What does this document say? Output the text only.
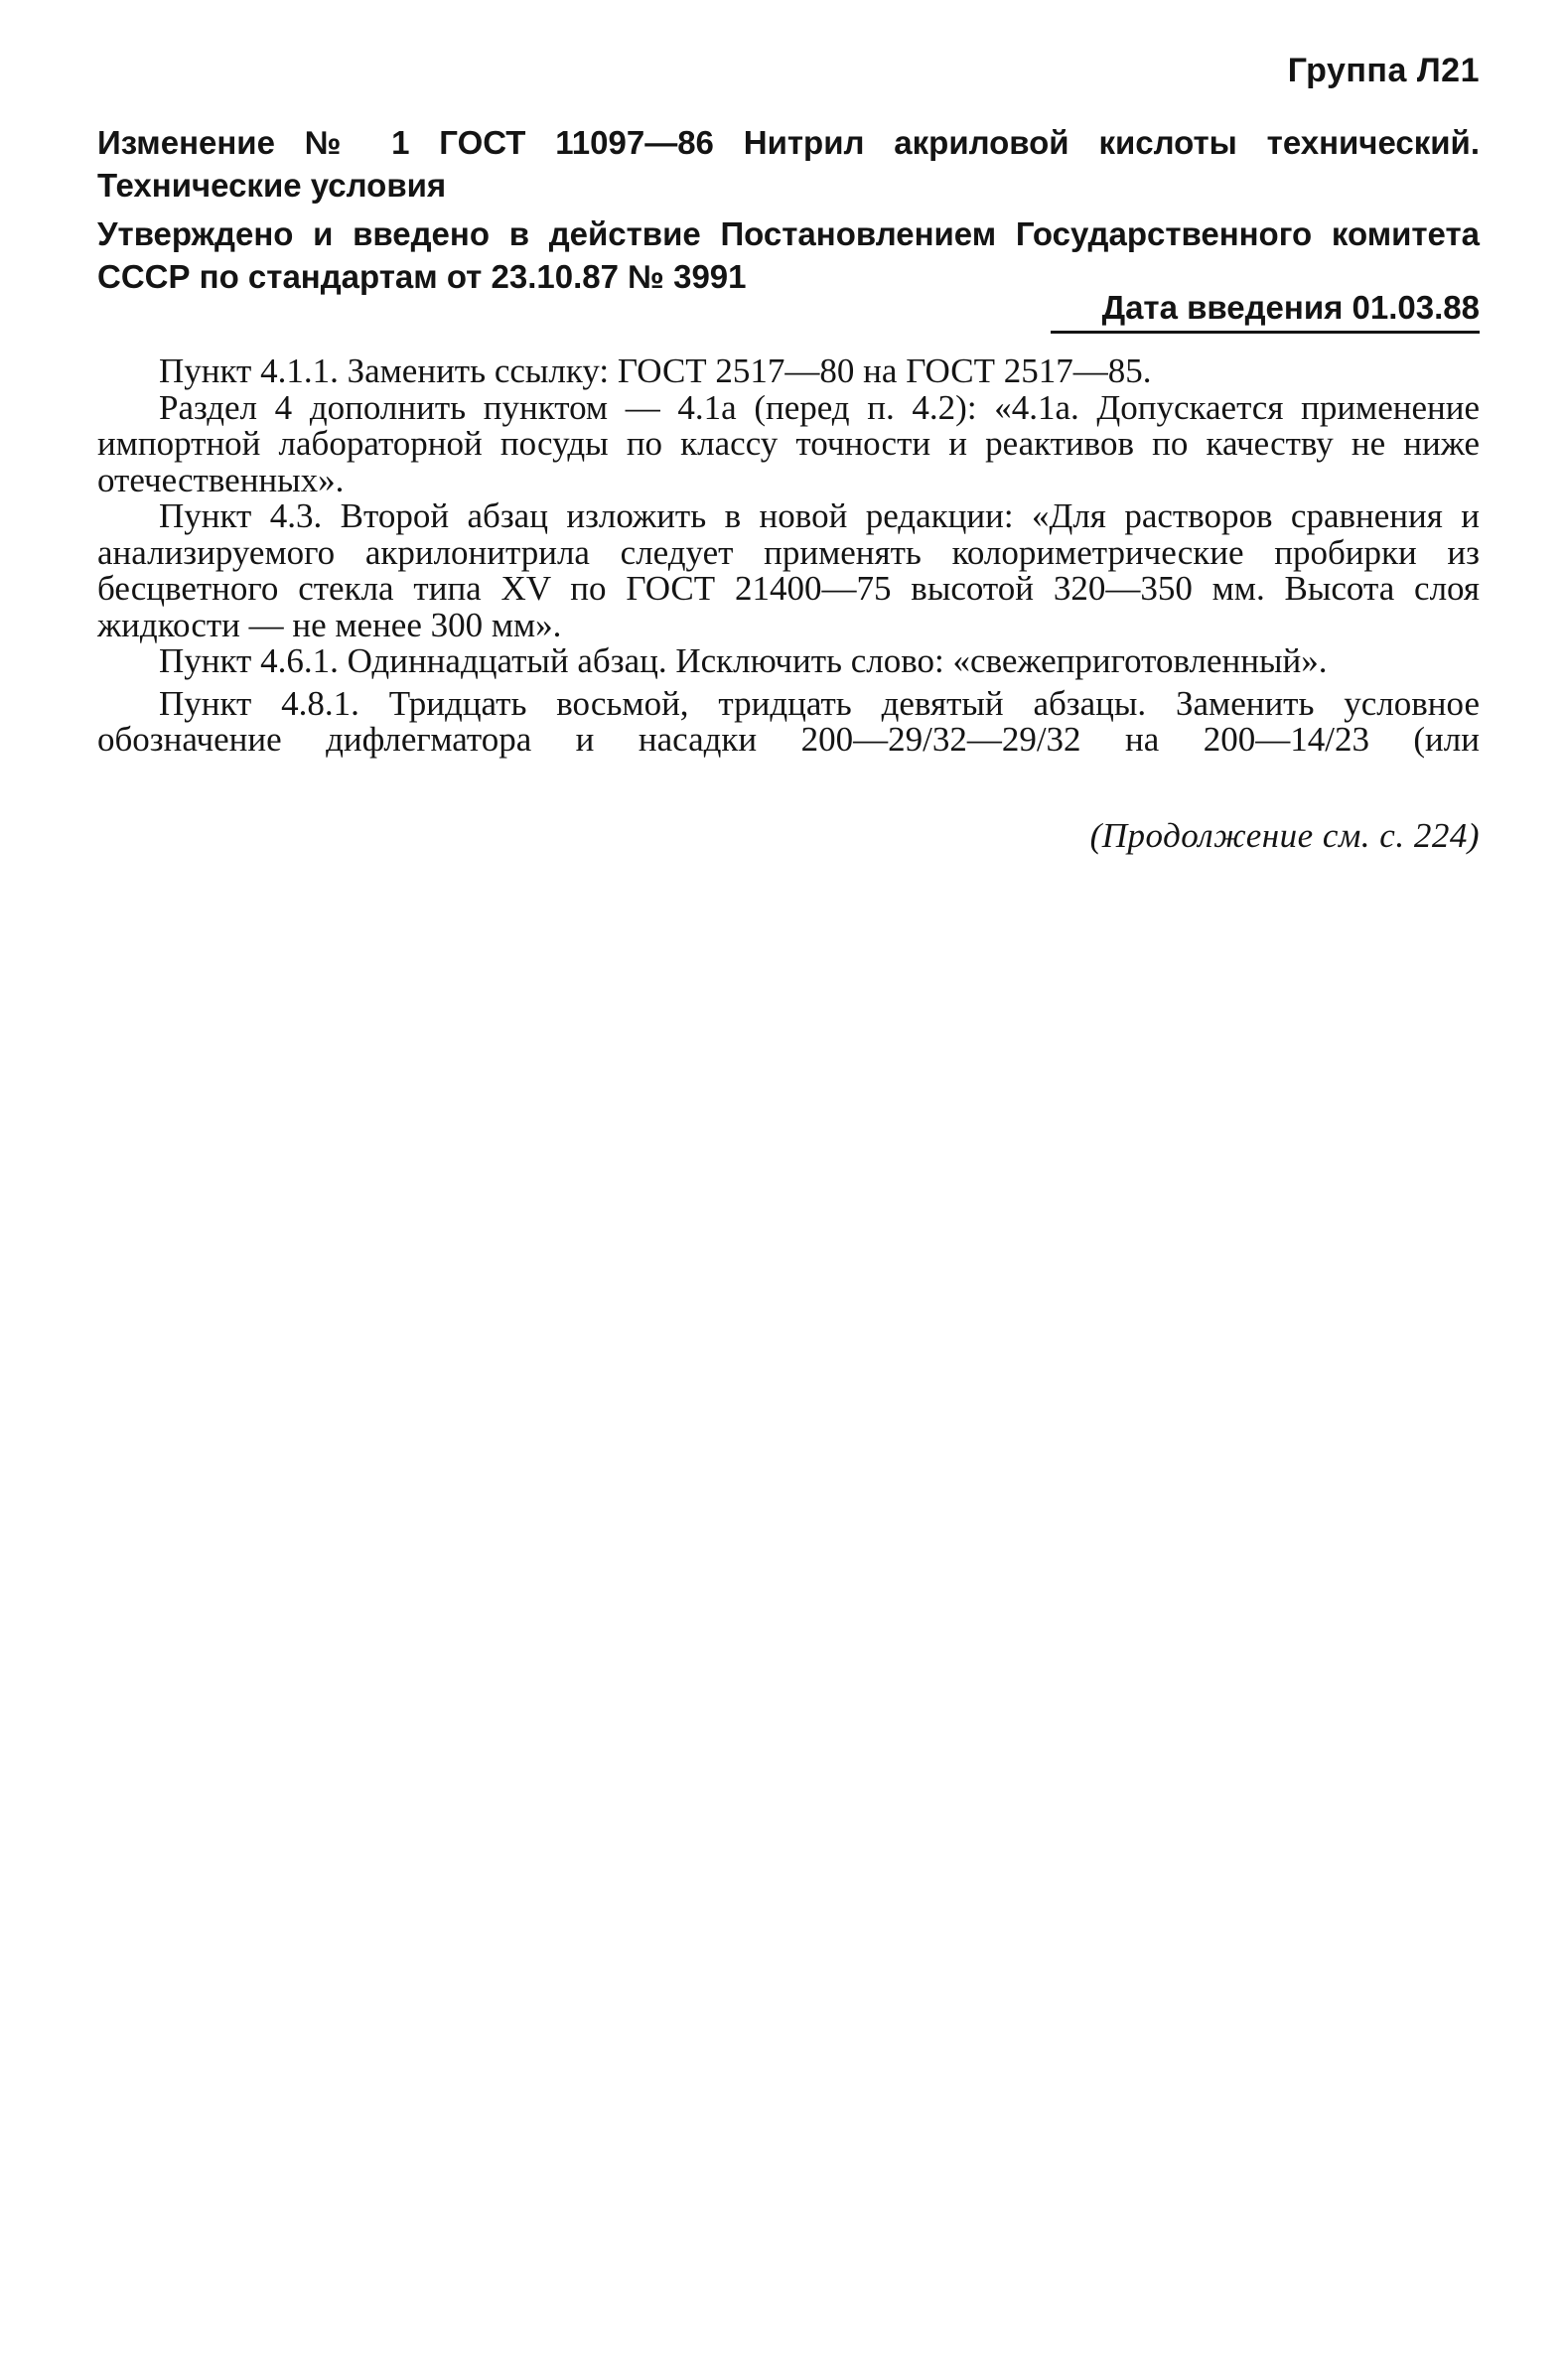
Группа Л21

Изменение № 1 ГОСТ 11097—86 Нитрил акриловой кислоты технический. Технические условия

Утверждено и введено в действие Постановлением Государственного комитета СССР по стандартам от 23.10.87 № 3991

Дата введения 01.03.88

Пункт 4.1.1. Заменить ссылку: ГОСТ 2517—80 на ГОСТ 2517—85.

Раздел 4 дополнить пунктом — 4.1а (перед п. 4.2): «4.1а. Допускается применение импортной лабораторной посуды по классу точности и реактивов по качеству не ниже отечественных».

Пункт 4.3. Второй абзац изложить в новой редакции: «Для растворов сравнения и анализируемого акрилонитрила следует применять колориметрические пробирки из бесцветного стекла типа XV по ГОСТ 21400—75 высотой 320—350 мм. Высота слоя жидкости — не менее 300 мм».

Пункт 4.6.1. Одиннадцатый абзац. Исключить слово: «свежеприготовленный».

Пункт 4.8.1. Тридцать восьмой, тридцать девятый абзацы. Заменить условное обозначение дифлегматора и насадки 200—29/32—29/32 на 200—14/23 (или

(Продолжение см. с. 224)
